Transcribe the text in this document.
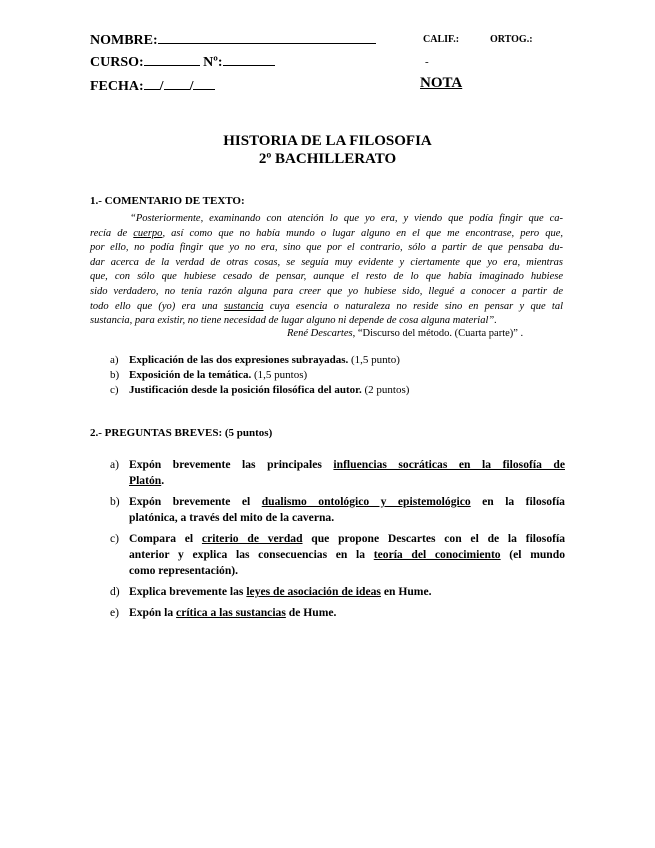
NOMBRE:
CURSO:	Nº:
FECHA: / /
CALIF.:	ORTOG.:
-
NOTA
HISTORIA DE LA FILOSOFIA
2º BACHILLERATO
1.- COMENTARIO DE TEXTO:
“Posteriormente, examinando con atención lo que yo era, y viendo que podía fingir que ca-
recía de cuerpo, así como que no había mundo o lugar alguno en el que me encontrase, pero que,
por ello, no podía fingir que yo no era, sino que por el contrario, sólo a partir de que pensaba du-
dar acerca de la verdad de otras cosas, se seguía muy evidente y ciertamente que yo era, mientras
que, con sólo que hubiese cesado de pensar, aunque el resto de lo que había imaginado hubiese
sido verdadero, no tenía razón alguna para creer que yo hubiese sido, llegué a conocer a partir de
todo ello que (yo) era una sustancia cuya esencia o naturaleza no reside sino en pensar y que tal
sustancia, para existir, no tiene necesidad de lugar alguno ni depende de cosa alguna material”.
René Descartes, “Discurso del método. (Cuarta parte)” .
a) Explicación de las dos expresiones subrayadas. (1,5 punto)
b) Exposición de la temática. (1,5 puntos)
c) Justificación desde la posición filosófica del autor. (2 puntos)
2.- PREGUNTAS BREVES: (5 puntos)
a) Expón brevemente las principales influencias socráticas en la filosofía de
Platón.
b) Expón brevemente el dualismo ontológico y epistemológico en la filosofía
platónica, a través del mito de la caverna.
c) Compara el criterio de verdad que propone Descartes con el de la filosofía
anterior y explica las consecuencias en la teoría del conocimiento (el mundo
como representación).
d) Explica brevemente las leyes de asociación de ideas en Hume.
e) Expón la crítica a las sustancias de Hume.
